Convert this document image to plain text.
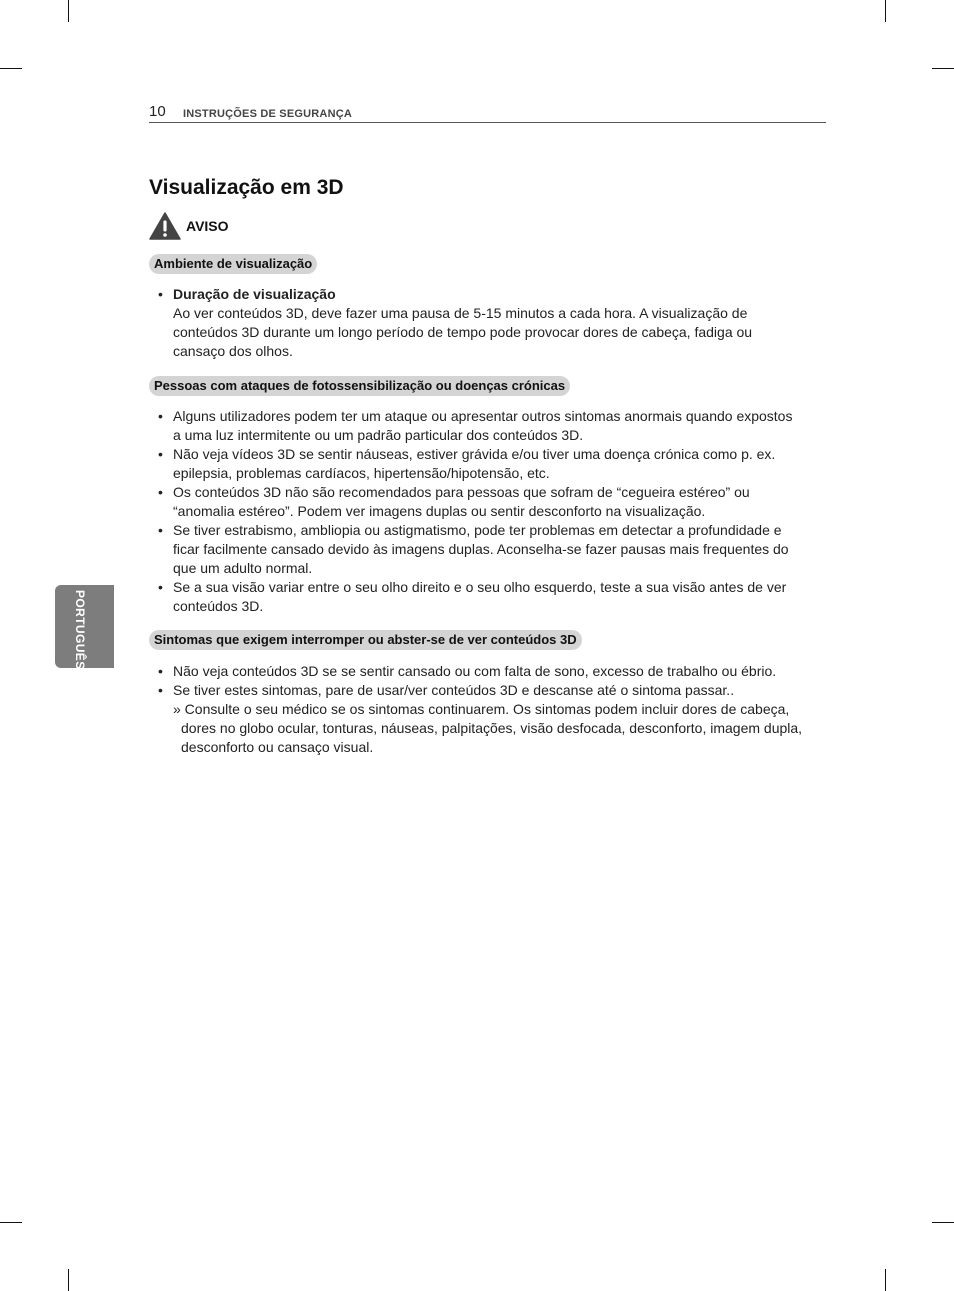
10 INSTRUÇÕES DE SEGURANÇA
Visualização em 3D
AVISO
Ambiente de visualização
• Duração de visualização
Ao ver conteúdos 3D, deve fazer uma pausa de 5-15 minutos a cada hora. A visualização de
conteúdos 3D durante um longo período de tempo pode provocar dores de cabeça, fadiga ou
cansaço dos olhos.
Pessoas com ataques de fotossensibilização ou doenças crónicas
• Alguns utilizadores podem ter um ataque ou apresentar outros sintomas anormais quando expostos
a uma luz intermitente ou um padrão particular dos conteúdos 3D.
• Não veja vídeos 3D se sentir náuseas, estiver grávida e/ou tiver uma doença crónica como p. ex.
epilepsia, problemas cardíacos, hipertensão/hipotensão, etc.
• Os conteúdos 3D não são recomendados para pessoas que sofram de “cegueira estéreo” ou
“anomalia estéreo”. Podem ver imagens duplas ou sentir desconforto na visualização.
• Se tiver estrabismo, ambliopia ou astigmatismo, pode ter problemas em detectar a profundidade e
ficar facilmente cansado devido às imagens duplas. Aconselha-se fazer pausas mais frequentes do
que um adulto normal.
• Se a sua visão variar entre o seu olho direito e o seu olho esquerdo, teste a sua visão antes de ver
conteúdos 3D.
Sintomas que exigem interromper ou abster-se de ver conteúdos 3D
• Não veja conteúdos 3D se se sentir cansado ou com falta de sono, excesso de trabalho ou ébrio.
• Se tiver estes sintomas, pare de usar/ver conteúdos 3D e descanse até o sintoma passar..
» Consulte o seu médico se os sintomas continuarem. Os sintomas podem incluir dores de cabeça,
dores no globo ocular, tonturas, náuseas, palpitações, visão desfocada, desconforto, imagem dupla,
desconforto ou cansaço visual.
PORTUGUÊS
